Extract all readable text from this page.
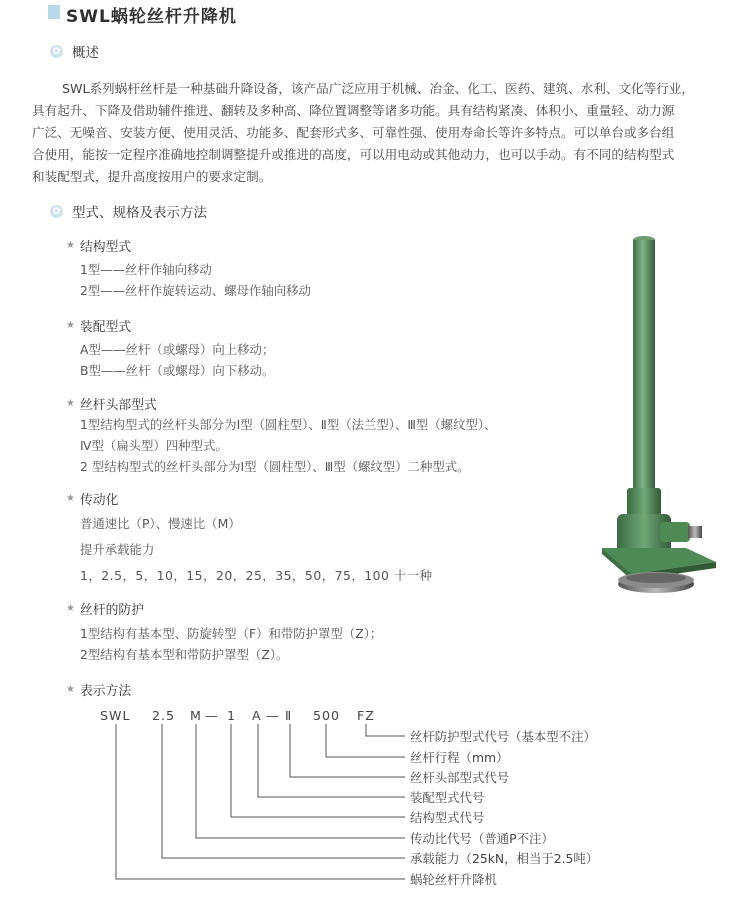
SWL蜗轮丝杆升降机
✿ 概述
SWL系列蜗杆丝杆是一种基础升降设备，该产品广泛应用于机械、冶金、化工、医药、建筑、水利、文化等行业，
具有起升、下降及借助辅件推进、翻转及多种高、降位置调整等诸多功能。具有结构紧凑、体积小、重量轻、动力源
广泛、无噪音、安装方便、使用灵活、功能多、配套形式多、可靠性强、使用寿命长等许多特点。可以单台或多台组
合使用，能按一定程序准确地控制调整提升或推进的高度，可以用电动或其他动力，也可以手动。有不同的结构型式
和装配型式，提升高度按用户的要求定制。
✿ 型式、规格及表示方法
★ 结构型式
1型——丝杆作轴向移动
2型——丝杆作旋转运动、螺母作轴向移动
★ 装配型式
A型——丝杆（或螺母）向上移动；
B型——丝杆（或螺母）向下移动。
★ 丝杆头部型式
1型结构型式的丝杆头部分为Ⅰ型（圆柱型）、Ⅱ型（法兰型）、Ⅲ型（螺纹型）、
Ⅳ型（扁头型）四种型式。
2 型结构型式的丝杆头部分为Ⅰ型（圆柱型）、Ⅲ型（螺纹型）二种型式。
★ 传动化
普通速比（P）、慢速比（M）
提升承载能力
1，2.5，5，10，15，20，25，35，50，75，100 十一种
★ 丝杆的防护
1型结构有基本型、防旋转型（F）和带防护罩型（Z）；
2型结构有基本型和带防护罩型（Z）。
★ 表示方法
SWL 2.5 M — 1 A — Ⅱ 500 FZ
丝杆防护型式代号（基本型不注）
丝杆行程（mm）
丝杆头部型式代号
装配型式代号
结构型式代号
传动比代号（普通P不注）
承载能力（25kN，相当于2.5吨）
蜗轮丝杆升降机
